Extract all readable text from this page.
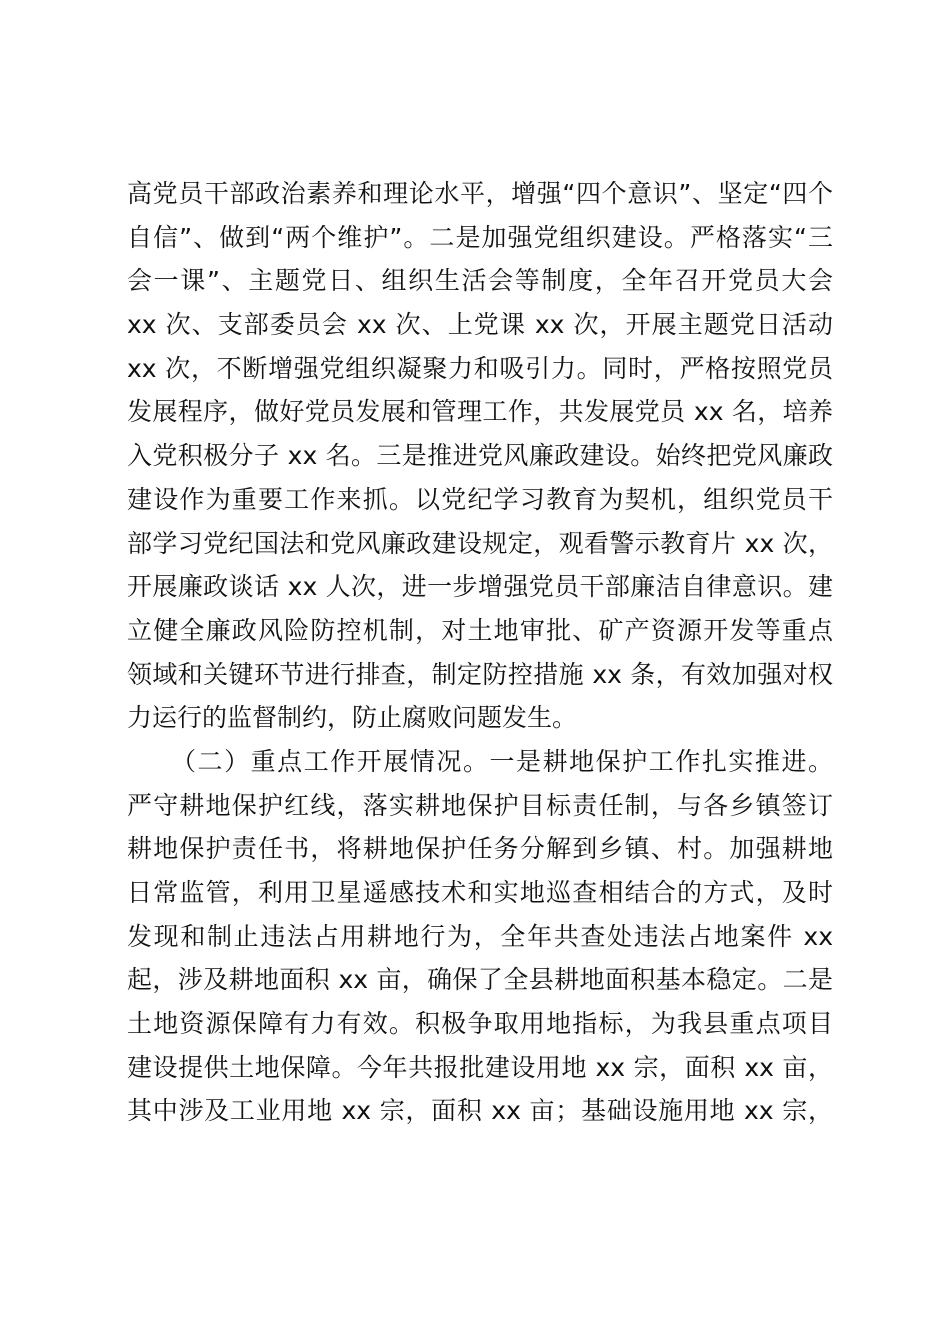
高党员干部政治素养和理论水平，增强“四个意识”、坚定“四个
自信”、做到“两个维护”。二是加强党组织建设。严格落实“三
会一课”、主题党日、组织生活会等制度，全年召开党员大会
xx 次、支部委员会 xx 次、上党课 xx 次，开展主题党日活动
xx 次，不断增强党组织凝聚力和吸引力。同时，严格按照党员
发展程序，做好党员发展和管理工作，共发展党员 xx 名，培养
入党积极分子 xx 名。三是推进党风廉政建设。始终把党风廉政
建设作为重要工作来抓。以党纪学习教育为契机，组织党员干
部学习党纪国法和党风廉政建设规定，观看警示教育片 xx 次，
开展廉政谈话 xx 人次，进一步增强党员干部廉洁自律意识。建
立健全廉政风险防控机制，对土地审批、矿产资源开发等重点
领域和关键环节进行排查，制定防控措施 xx 条，有效加强对权
力运行的监督制约，防止腐败问题发生。
（二）重点工作开展情况。一是耕地保护工作扎实推进。
严守耕地保护红线，落实耕地保护目标责任制，与各乡镇签订
耕地保护责任书，将耕地保护任务分解到乡镇、村。加强耕地
日常监管，利用卫星遥感技术和实地巡查相结合的方式，及时
发现和制止违法占用耕地行为，全年共查处违法占地案件 xx
起，涉及耕地面积 xx 亩，确保了全县耕地面积基本稳定。二是
土地资源保障有力有效。积极争取用地指标，为我县重点项目
建设提供土地保障。今年共报批建设用地 xx 宗，面积 xx 亩，
其中涉及工业用地 xx 宗，面积 xx 亩；基础设施用地 xx 宗，
